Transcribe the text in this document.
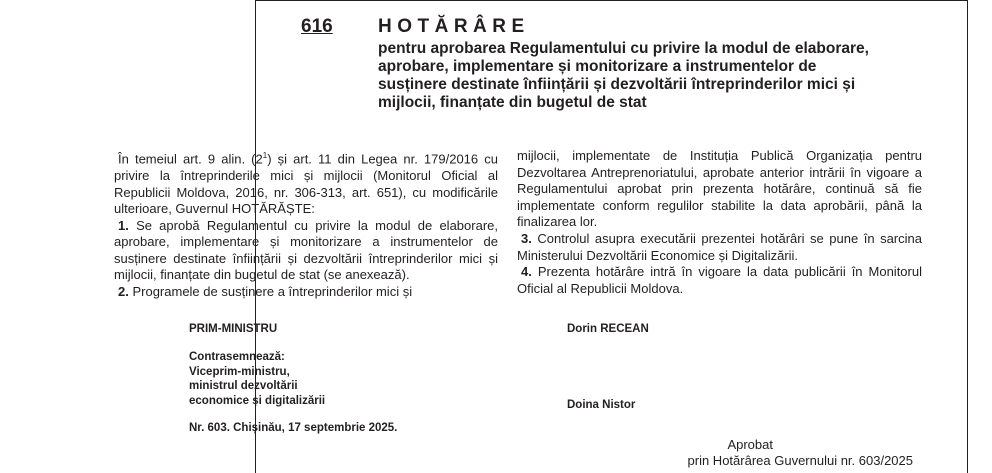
616 HOTĂRÂRE
pentru aprobarea Regulamentului cu privire la modul de elaborare, aprobare, implementare și monitorizare a instrumentelor de susținere destinate înființării și dezvoltării întreprinderilor mici și mijlocii, finanțate din bugetul de stat

În temeiul art. 9 alin. $(2^1)$ și art. 11 din Legea nr. 179/2016 cu privire la întreprinderile mici și mijlocii (Monitorul Oficial al Republicii Moldova, 2016, nr. 306-313, art. 651), cu modificările ulterioare, Guvernul HOTĂRĂȘTE:

1. Se aprobă Regulamentul cu privire la modul de elaborare, aprobare, implementare și monitorizare a instrumentelor de susținere destinate înființării și dezvoltării întreprinderilor mici și mijlocii, finanțate din bugetul de stat (se anexează).

2. Programele de susținere a întreprinderilor mici și

mijlocii, implementate de Instituția Publică Organizația pentru Dezvoltarea Antreprenoriatului, aprobate anterior intrării în vigoare a Regulamentului aprobat prin prezenta hotărâre, continuă să fie implementate conform regulilor stabilite la data aprobării, până la finalizarea lor.

3. Controlul asupra executării prezentei hotărâri se pune în sarcina Ministerului Dezvoltării Economice și Digitalizării.

4. Prezenta hotărâre intră în vigoare la data publicării în Monitorul Oficial al Republicii Moldova.

PRIM-MINISTRU	Dorin RECEAN
Contrasemnează:
Viceprim-ministru,
ministrul dezvoltării
economice și digitalizării	Doina Nistor
Nr. 603. Chișinău, 17 septembrie 2025.
Aprobat
prin Hotărârea Guvernului nr. 603/2025
